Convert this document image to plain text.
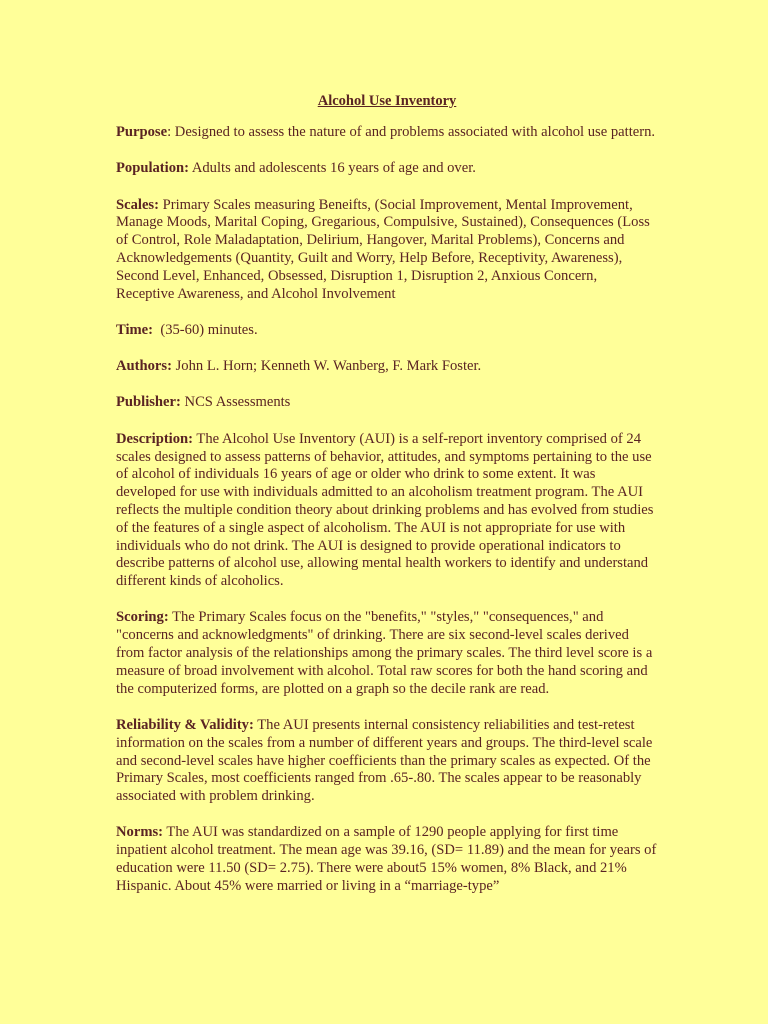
Alcohol Use Inventory

Purpose: Designed to assess the nature of and problems associated with alcohol use pattern.

Population: Adults and adolescents 16 years of age and over.

Scales: Primary Scales measuring Beneifts, (Social Improvement, Mental Improvement, Manage Moods, Marital Coping, Gregarious, Compulsive, Sustained), Consequences (Loss of Control, Role Maladaptation, Delirium, Hangover, Marital Problems), Concerns and Acknowledgements (Quantity, Guilt and Worry, Help Before, Receptivity, Awareness), Second Level, Enhanced, Obsessed, Disruption 1, Disruption 2, Anxious Concern, Receptive Awareness, and Alcohol Involvement

Time: (35-60) minutes.

Authors: John L. Horn; Kenneth W. Wanberg, F. Mark Foster.

Publisher: NCS Assessments

Description: The Alcohol Use Inventory (AUI) is a self-report inventory comprised of 24 scales designed to assess patterns of behavior, attitudes, and symptoms pertaining to the use of alcohol of individuals 16 years of age or older who drink to some extent. It was developed for use with individuals admitted to an alcoholism treatment program. The AUI reflects the multiple condition theory about drinking problems and has evolved from studies of the features of a single aspect of alcoholism. The AUI is not appropriate for use with individuals who do not drink. The AUI is designed to provide operational indicators to describe patterns of alcohol use, allowing mental health workers to identify and understand different kinds of alcoholics.

Scoring: The Primary Scales focus on the "benefits," "styles," "consequences," and "concerns and acknowledgments" of drinking. There are six second-level scales derived from factor analysis of the relationships among the primary scales. The third level score is a measure of broad involvement with alcohol. Total raw scores for both the hand scoring and the computerized forms, are plotted on a graph so the decile rank are read.

Reliability & Validity: The AUI presents internal consistency reliabilities and test-retest information on the scales from a number of different years and groups. The third-level scale and second-level scales have higher coefficients than the primary scales as expected. Of the Primary Scales, most coefficients ranged from .65-.80. The scales appear to be reasonably associated with problem drinking.

Norms: The AUI was standardized on a sample of 1290 people applying for first time inpatient alcohol treatment. The mean age was 39.16, (SD= 11.89) and the mean for years of education were 11.50 (SD= 2.75). There were about5 15% women, 8% Black, and 21% Hispanic. About 45% were married or living in a “marriage-type”
